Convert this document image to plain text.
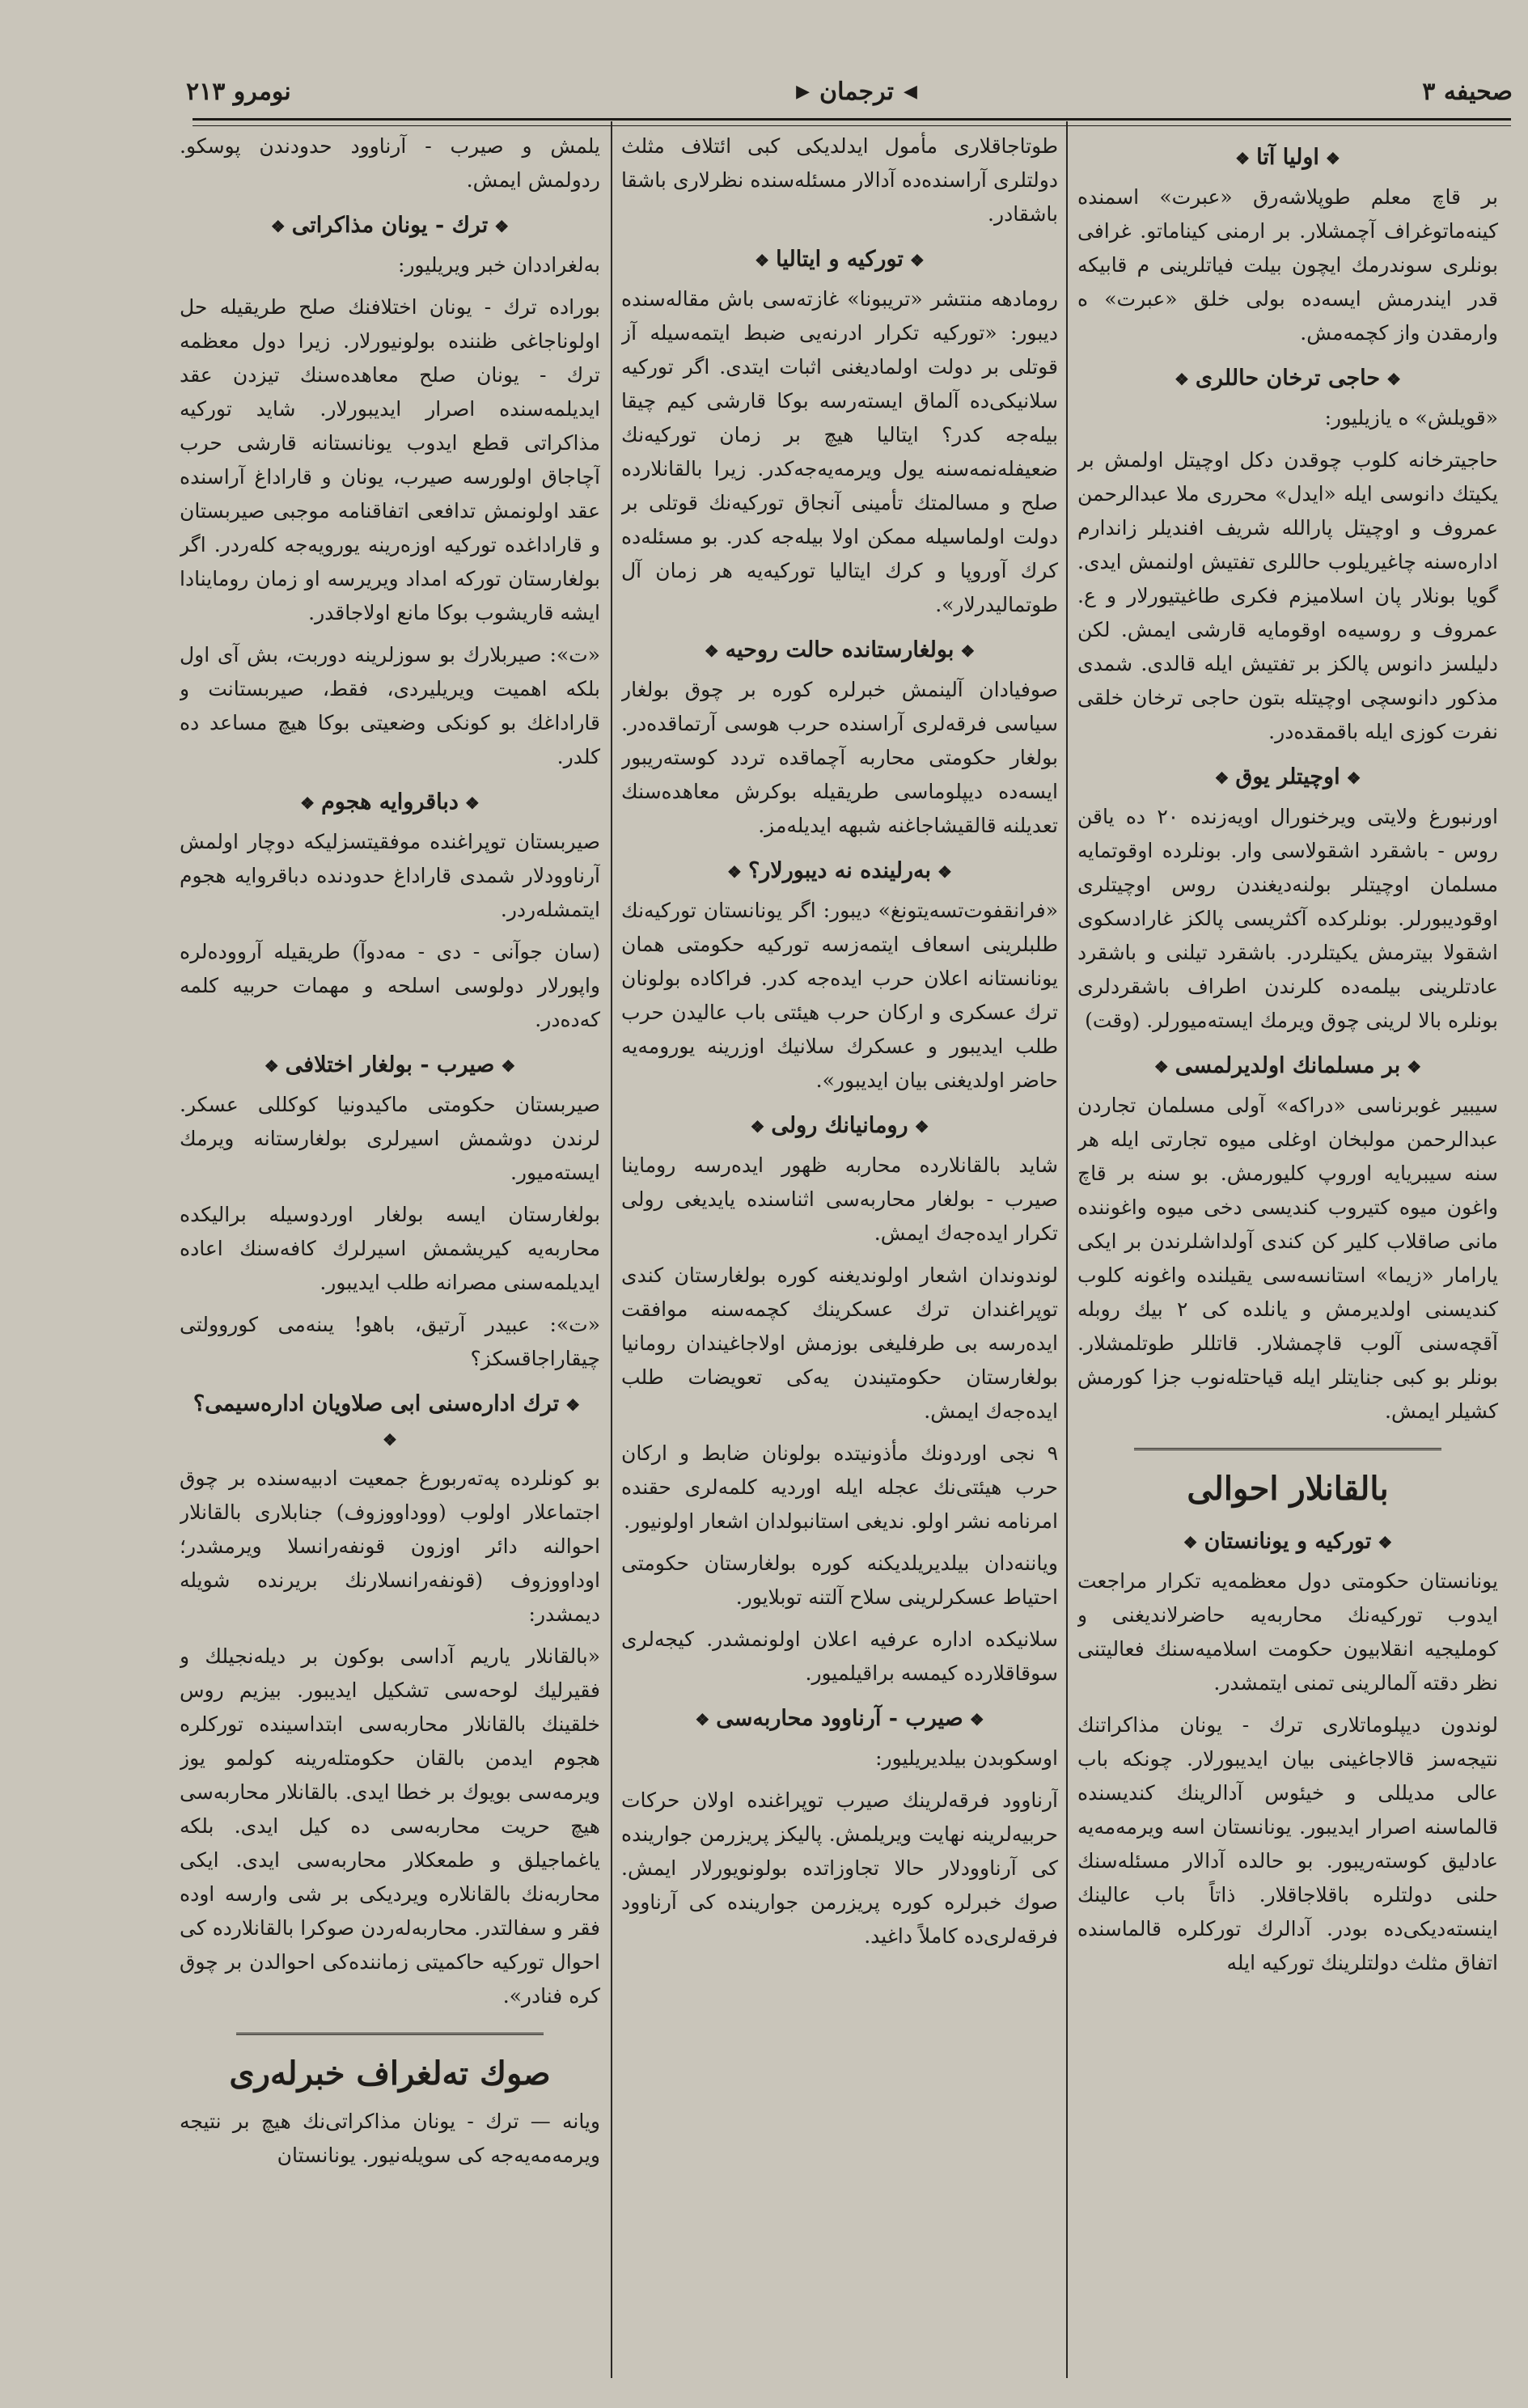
صحيفه ٣
◀
ترجمان
▶
نومرو ٢١٣
❖اوليا آتا❖

بر قاچ معلم طوپلاشه‌رق «عبرت» اسمنده كينه‌ماتوغراف آچمشلار. بر ارمنى كيناماتو. غرافى بونلرى سوندرمك ايچون بيلت فياتلرينى م قابيكه قدر ايندرمش ايسه‌ده بولى خلق «عبرت» ه وارمقدن واز كچمه‌مش.

❖حاجى ترخان حاللرى❖

«قويلش» ه يازيليور:

حاجيترخانه كلوب چوقدن دكل اوچيتل اولمش بر يكيتك دانوسى ايله «ايدل» محررى ملا عبدالرحمن عمروف و اوچيتل پارالله شريف افنديلر زاندارم اداره‌سنه چاغيريلوب حاللرى تفتيش اولنمش ايدى. گويا بونلار پان اسلاميزم فكرى طاغيتيورلار و ع. عمروف و روسيه‌ه اوقومايه قارشى ايمش. لكن دليلسز دانوس پالكز بر تفتيش ايله قالدى. شمدى مذكور دانوسچى اوچيتله بتون حاجى ترخان خلقى نفرت كوزى ايله باقمقده‌در.

❖اوچيتلر يوق❖

اورنبورغ ولايتى ويرخنورال اويه‌زنده ٢٠ ده ياقن روس - باشقرد اشقولاسى وار. بونلرده اوقوتمايه مسلمان اوچيتلر بولنه‌ديغندن روس اوچيتلرى اوقوديبورلر. بونلركده آكثريسى پالكز غارادسكوى اشقولا بيترمش يكيتلردر. باشقرد تيلنى و باشقرد عادتلرينى بيلمه‌ده كلرندن اطراف باشقردلرى بونلره بالا لرينى چوق ويرمك ايسته‌ميورلر. (وقت)

❖بر مسلمانك اولديرلمسى❖

سيبير غوبرناسى «دراكه» آولى مسلمان تجاردن عبدالرحمن مولبخان اوغلى ميوه تجارتى ايله هر سنه سيبريايه اوروپ كليورمش. بو سنه بر قاچ واغون ميوه كتيروب كنديسى دخى ميوه واغوننده مانى صاقلاب كلير كن كندى آولداشلرندن بر ايكى يارامار «زيما» استانسه‌سى يقيلنده واغونه كلوب كنديسنى اولديرمش و يانلده كى ٢ بيك روبله آقچه‌سنى آلوب قاچمشلار. قاتللر طوتلمشلار. بونلر بو كبى جنايتلر ايله قياحتله‌نوب جزا كورمش كشيلر ايمش.

بالقانلار احوالى
❖توركيه و يونانستان❖

يونانستان حكومتى دول معظمه‌يه تكرار مراجعت ايدوب توركيه‌نك محاربه‌يه حاضرلاندیغنى و كومليجيه انقلابيون حكومت اسلاميه‌سنك فعاليتنى نظر دقته آلمالرينى تمنى ايتمشدر.

لوندون ديپلوماتلارى ترك - يونان مذاكراتنك نتيجه‌سز قالاجاغينى بيان ايديبورلار. چونكه باب عالى مديللى و خيئوس آدالرينك كنديسنده قالماسنه اصرار ايديبور. يونانستان اسه ويرمه‌مه‌يه عادليق كوسته‌ريبور. بو حالده آدالار مسئله‌سنك حلنى دولتلره باقلاجاقلار. ذاتاً باب عالينك اينسته‌ديكى‌ده بودر. آدالرك توركلره قالماسنده اتفاق مثلث دولتلرينك توركيه ايله

طوتاجاقلارى مأمول ايدلديكى كبى ائتلاف مثلث دولتلرى آراسنده‌ده آدالار مسئله‌سنده نظرلارى باشقا باشقادر.

❖توركيه و ايتاليا❖

رومادهه منتشر «تريبونا» غازته‌سى باش مقاله‌سنده ديبور: «توركيه تكرار ادرنه‌يى ضبط ايتمه‌سيله آز قوتلى بر دولت اولماديغنى اثبات ايتدى. اگر توركيه سلانيكى‌ده آلماق ايسته‌رسه بوكا قارشى كيم چيقا بيله‌جه كدر؟ ايتاليا هيچ بر زمان توركيه‌نك ضعيفله‌نمه‌سنه يول ويرمه‌يه‌جه‌كدر. زيرا بالقانلارده صلح و مسالمتك تأمينى آنجاق توركيه‌نك قوتلى بر دولت اولماسيله ممكن اولا بيله‌جه كدر. بو مسئله‌ده كرك آوروپا و كرك ايتاليا توركيه‌يه هر زمان آل طوتماليدرلار».

❖بولغارستانده حالت روحيه❖

صوفيادان آلينمش خبرلره كوره بر چوق بولغار سياسى فرقه‌لرى آراسنده حرب هوسى آرتماقده‌در. بولغار حكومتى محاربه آچماقده تردد كوسته‌ريبور ايسه‌ده ديپلوماسى طريقيله بوكرش معاهده‌سنك تعديلنه قالقيشاجاغنه شبهه ايديله‌مز.

❖بەرلينده نه ديبورلار؟❖

«فرانقفوت‌تسه‌يتونغ» ديبور: اگر يونانستان توركيه‌نك طلبلرينى اسعاف ايتمه‌زسه توركيه حكومتى همان يونانستانه اعلان حرب ايده‌جه كدر. فراكاده بولونان ترك عسكرى و اركان حرب هيئتى باب عاليدن حرب طلب ايديبور و عسكرك سلانيك اوزرينه يورومه‌يه حاضر اولديغنى بيان ايديبور».

❖رومانيانك رولى❖

شايد بالقانلارده محاربه ظهور ايده‌رسه روماينا صيرب - بولغار محاربه‌سى اثناسنده يايديغى رولى تكرار ايده‌جه‌ك ايمش.

لوندوندان اشعار اولونديغنه كوره بولغارستان كندى توپراغندان ترك عسكرينك كچمه‌سنه موافقت ايده‌رسه بى طرفليغى بوزمش اولاجاغيندان رومانيا بولغارستان حكومتيندن يه‌كى تعويضات طلب ايده‌جه‌ك ايمش.

٩ نجى اوردونك مأذونيتده بولونان ضابط و اركان حرب هيئتى‌نك عجله ايله اورديه كلمه‌لرى حقنده امرنامه نشر اولو. نديغى استانبولدان اشعار اولونيور.

وياننه‌دان بيلديريلديكنه كوره بولغارستان حكومتى احتياط عسكرلرينى سلاح آلتنه توبلايور.

سلانيكده اداره عرفيه اعلان اولونمشدر. كيجه‌لرى سوقاقلارده كيمسه براقيلميور.

❖صيرب - آرناوود محاربه‌سى❖

اوسكوبدن بيلديريليور:

آرناوود فرقه‌لرينك صيرب توپراغنده اولان حركات حربيه‌لرينه نهايت ويريلمش. پاليكز پريزرمن جوارينده كى آرناوودلار حالا تجاوزاتده بولونويورلار ايمش. صوك خبرلره كوره پريزرمن جوارينده كى آرناوود فرقه‌لرى‌ده كاملاً داغيد.

يلمش و صيرب - آرناوود حدودندن پوسكو. ردولمش ايمش.

❖ترك - يونان مذاكراتى❖

بەلغراددان خبر ويريليور:

بوراده ترك - يونان اختلافنك صلح طريقيله حل اولوناجاغى ظننده بولونيورلار. زيرا دول معظمه ترك - يونان صلح معاهده‌سنك تيزدن عقد ايديلمه‌سنده اصرار ايديبورلار. شايد توركيه مذاكراتى قطع ايدوب يونانستانه قارشى حرب آچاجاق اولورسه صيرب، يونان و قاراداغ آراسنده عقد اولونمش تدافعى اتفاقنامه موجبى صيربستان و قاراداغده توركيه اوزه‌رينه يورويه‌جه كلەردر. اگر بولغارستان توركه امداد ويريرسه او زمان روماينادا ايشه قاريشوب بوكا مانع اولاجاقدر.

«ت»: صيربلارك بو سوزلرينه دوربت، بش آى اول بلكه اهميت ويريليردى، فقط، صيربستانت و قاراداغك بو كونكى وضعيتى بوكا هيچ مساعد ده كلدر.

❖دباقروايه هجوم❖

صيربستان توپراغنده موفقيتسزليكه دوچار اولمش آرناوودلار شمدى قاراداغ حدودنده دباقروايه هجوم ايتمشله‌ردر.

(سان جوآنى - دى - مه‌دوآ) طريقيله آرووده‌لره واپورلار دولوسى اسلحه و مهمات حربيه كلمه كه‌ده‌در.

❖صيرب - بولغار اختلافى❖

صيربستان حكومتى ماكيدونيا كوكللى عسكر. لرندن دوشمش اسيرلرى بولغارستانه ويرمك ايسته‌ميور.

بولغارستان ايسه بولغار اوردوسيله براليكده محاربه‌يه كيريشمش اسيرلرك كافه‌سنك اعاده ايديلمه‌سنى مصرانه طلب ايديبور.

«ت»: عبيدر آرتيق، باهو! يىنه‌مى كوروولتى چيقاراجاقسكز؟

❖ترك اداره‌سنى ابى صلاويان اداره‌سيمى؟❖

بو كونلرده پەتەربورغ جمعيت ادبيه‌سنده بر چوق اجتماعلار اولوب (ووداووزوف) جنابلارى بالقانلار احوالنه دائر اوزون قونفه‌رانسلا ويرمشدر؛ اوداووزوف (قونفه‌رانسلارنك بريرنده شويله ديمشدر:

«بالقانلار ياريم آداسى بوكون بر ديله‌نجيلك و فقيرليك لوحه‌سى تشكيل ايديبور. بيزيم روس خلقينك بالقانلار محاربه‌سى ابتداسينده توركلره هجوم ايدمن بالقان حكومتله‌رينه كولمو يوز ويرمه‌سى بويوك بر خطا ايدى. بالقانلار محاربه‌سى هيچ حريت محاربه‌سى ده كيل ايدى. بلكه ياغماجيلق و طمعكلار محاربه‌سى ايدى. ايكى محاربه‌نك بالقانلاره ويرديكى بر شى وارسه اوده فقر و سفالتدر. محاربه‌له‌ردن صوكرا بالقانلارده كى احوال توركيه حاكميتى زماننده‌كى احوالدن بر چوق كره فنادر».

صوك تەلغراف خبرلەرى

ويانه — ترك - يونان مذاكراتى‌نك هيچ بر نتيجه ويرمه‌مه‌يه‌جه كى سويله‌نيور. يونانستان
